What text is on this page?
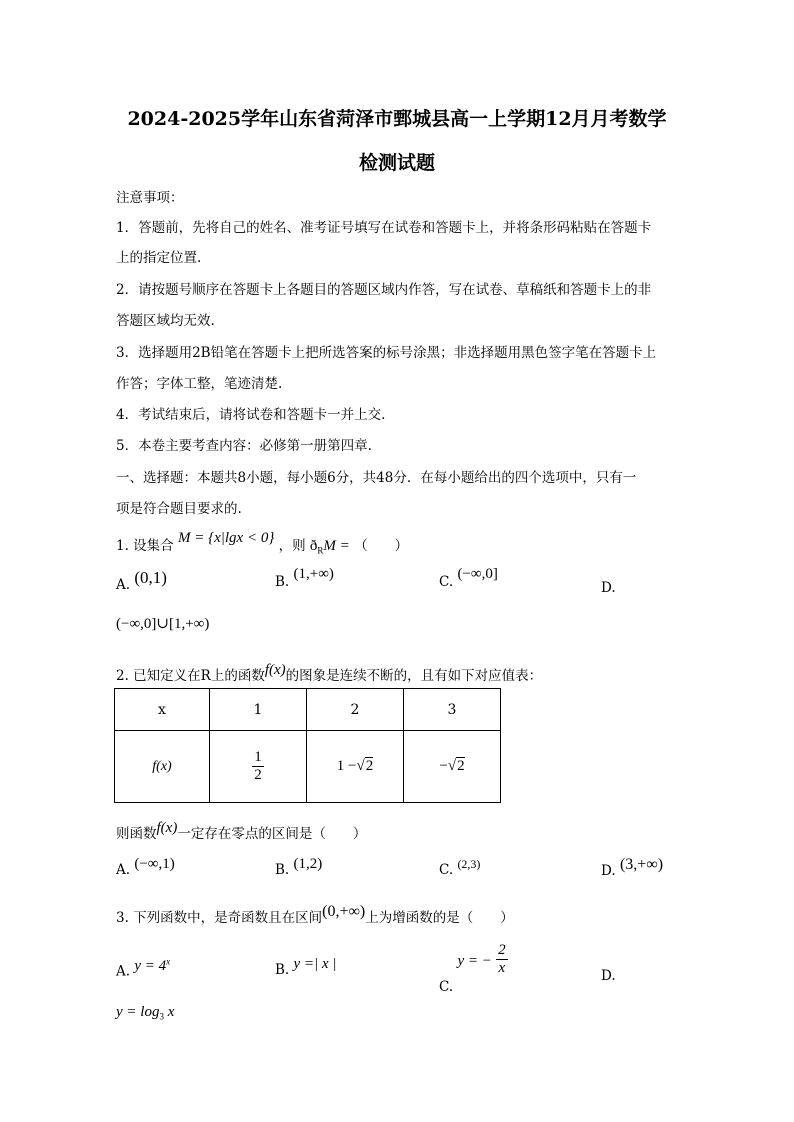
2024-2025学年山东省菏泽市鄄城县高一上学期12月月考数学
检测试题
注意事项：
1．答题前，先将自己的姓名、准考证号填写在试卷和答题卡上，并将条形码粘贴在答题卡
上的指定位置.
2．请按题号顺序在答题卡上各题目的答题区域内作答，写在试卷、草稿纸和答题卡上的非
答题区域均无效.
3．选择题用2B铅笔在答题卡上把所选答案的标号涂黑；非选择题用黑色签字笔在答题卡上
作答；字体工整，笔迹清楚.
4．考试结束后，请将试卷和答题卡一并上交.
5．本卷主要考查内容：必修第一册第四章.
一、选择题：本题共8小题，每小题6分，共48分．在每小题给出的四个选项中，只有一
项是符合题目要求的.
1. 设集合 M = {x|lgx < 0} ，则 $ð_RM$ = （　　）
A. (0,1)	B. (1,+∞)	C. (−∞,0]
D.
(−∞,0]∪[1,+∞)
2. 已知定义在R上的函数f(x)的图象是连续不断的，且有如下对应值表：
x	1	2	3
f(x)	$\frac{1}{2}$	1 −√2	−√2
则函数f(x)一定存在零点的区间是（　　）
A. (−∞,1)	B. (1,2)	C. (2,3)	D. (3,+∞)
3. 下列函数中，是奇函数且在区间(0,+∞)上为增函数的是（　　）
A. $y = 4^x$
B. y =| x |
C. y = − $\frac{2}{x}$	D.
$y = \log_3 x$
